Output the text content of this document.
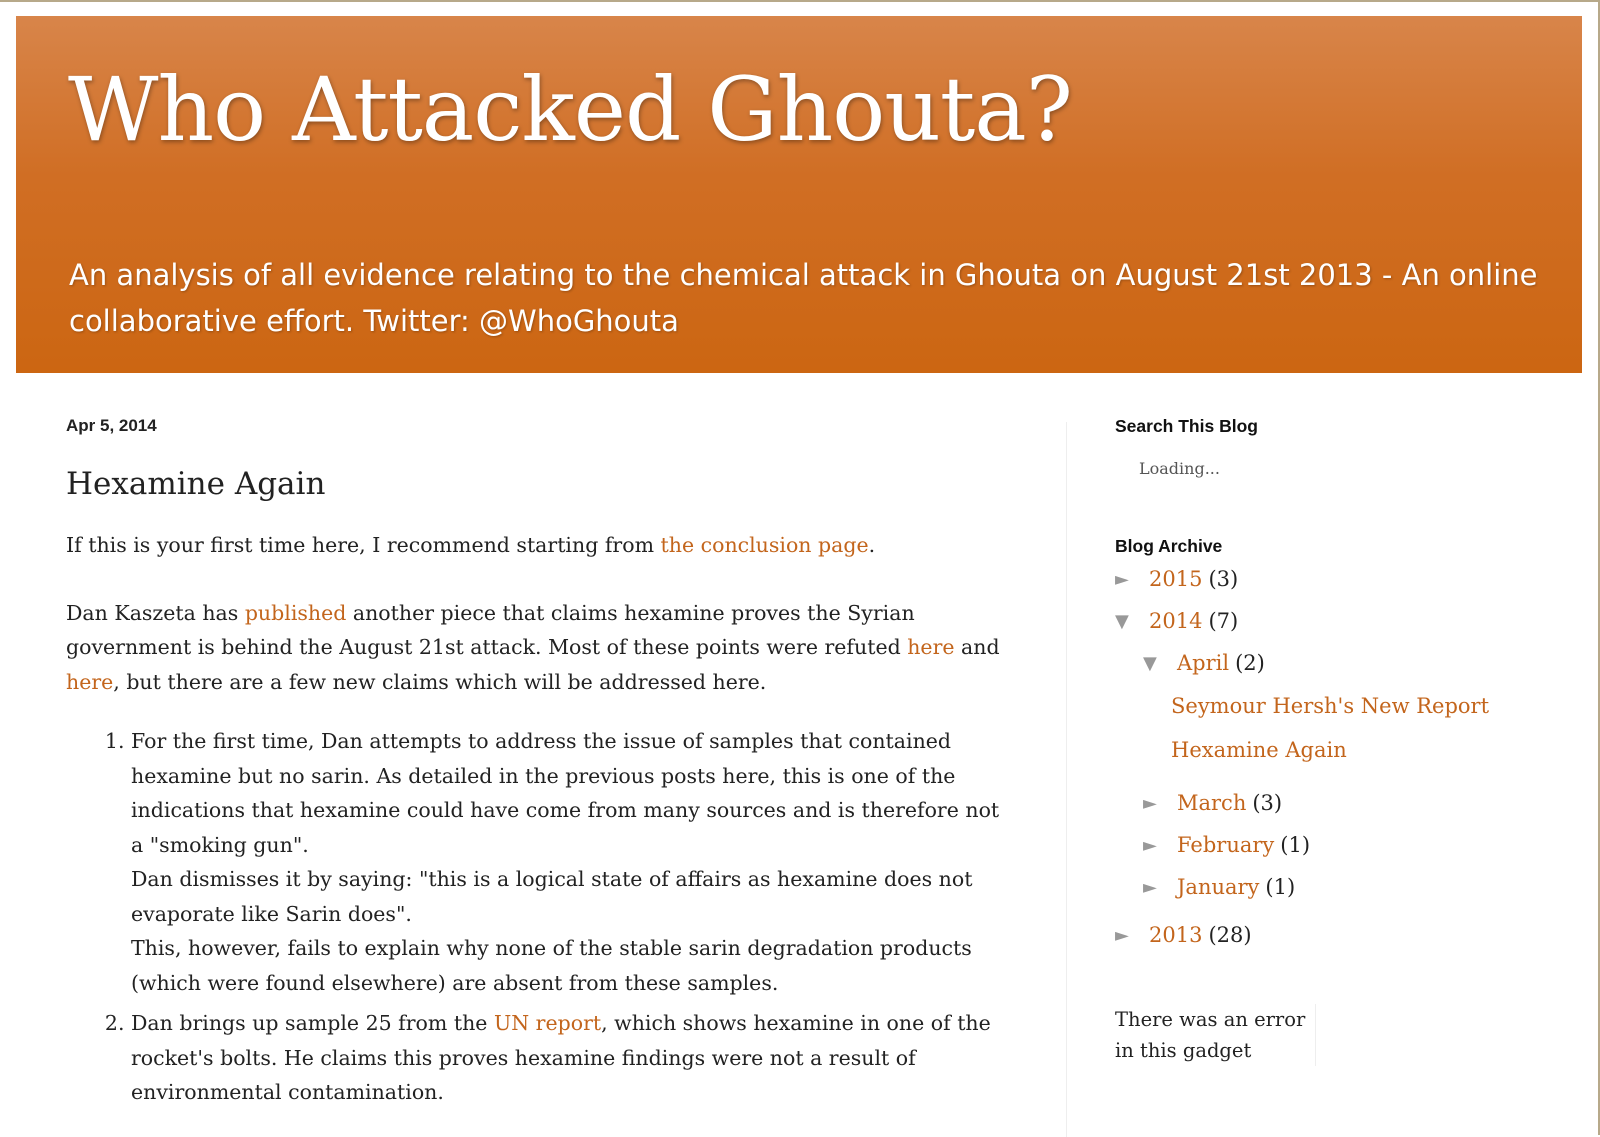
Who Attacked Ghouta?

An analysis of all evidence relating to the chemical attack in Ghouta on August 21st 2013 - An online collaborative effort. Twitter: @WhoGhouta

Apr 5, 2014
Hexamine Again

If this is your first time here, I recommend starting from the conclusion page.

Dan Kaszeta has published another piece that claims hexamine proves the Syrian government is behind the August 21st attack. Most of these points were refuted here and here, but there are a few new claims which will be addressed here.

1. For the first time, Dan attempts to address the issue of samples that contained hexamine but no sarin. As detailed in the previous posts here, this is one of the indications that hexamine could have come from many sources and is therefore not a "smoking gun".
Dan dismisses it by saying: "this is a logical state of affairs as hexamine does not evaporate like Sarin does".
This, however, fails to explain why none of the stable sarin degradation products (which were found elsewhere) are absent from these samples.
2. Dan brings up sample 25 from the UN report, which shows hexamine in one of the rocket's bolts. He claims this proves hexamine findings were not a result of environmental contamination.
Search This Blog
Loading...
Blog Archive
► 2015 (3)
▼ 2014 (7)
▼ April (2)
Seymour Hersh's New Report
Hexamine Again
► March (3)
► February (1)
► January (1)
► 2013 (28)
There was an error in this gadget
